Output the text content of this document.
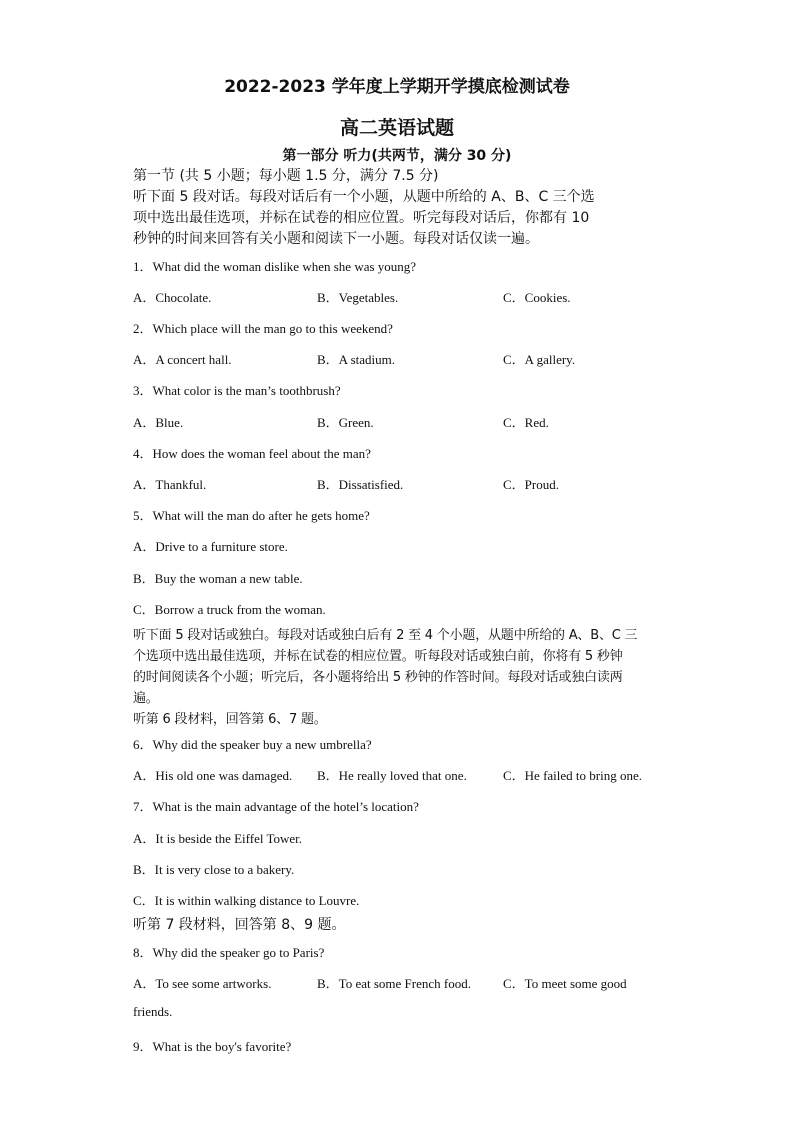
2022-2023 学年度上学期开学摸底检测试卷
高二英语试题
第一部分 听力(共两节，满分 30 分)
第一节 (共 5 小题；每小题 1.5 分，满分 7.5 分)
听下面 5 段对话。每段对话后有一个小题，从题中所给的 A、B、C 三个选
项中选出最佳选项，并标在试卷的相应位置。听完每段对话后，你都有 10
秒钟的时间来回答有关小题和阅读下一小题。每段对话仅读一遍。
1．What did the woman dislike when she was young?
A．Chocolate.	B．Vegetables.	C．Cookies.
2．Which place will the man go to this weekend?
A．A concert hall.	B．A stadium.	C．A gallery.
3．What color is the man’s toothbrush?
A．Blue.	B．Green.	C．Red.
4．How does the woman feel about the man?
A．Thankful.	B．Dissatisfied.	C．Proud.
5．What will the man do after he gets home?
A．Drive to a furniture store.
B．Buy the woman a new table.
C．Borrow a truck from the woman.
听下面 5 段对话或独白。每段对话或独白后有 2 至 4 个小题，从题中所给的 A、B、C 三
个选项中选出最佳选项，并标在试卷的相应位置。听每段对话或独白前，你将有 5 秒钟
的时间阅读各个小题；听完后，各小题将给出 5 秒钟的作答时间。每段对话或独白读两
遍。
听第 6 段材料，回答第 6、7 题。
6．Why did the speaker buy a new umbrella?
A．His old one was damaged. B．He really loved that one.	C．He failed to bring one.
7．What is the main advantage of the hotel’s location?
A．It is beside the Eiffel Tower.
B．It is very close to a bakery.
C．It is within walking distance to Louvre.
听第 7 段材料，回答第 8、9 题。
8．Why did the speaker go to Paris?
A．To see some artworks.	B．To eat some French food. C．To meet some good
friends.
9．What is the boy's favorite?
